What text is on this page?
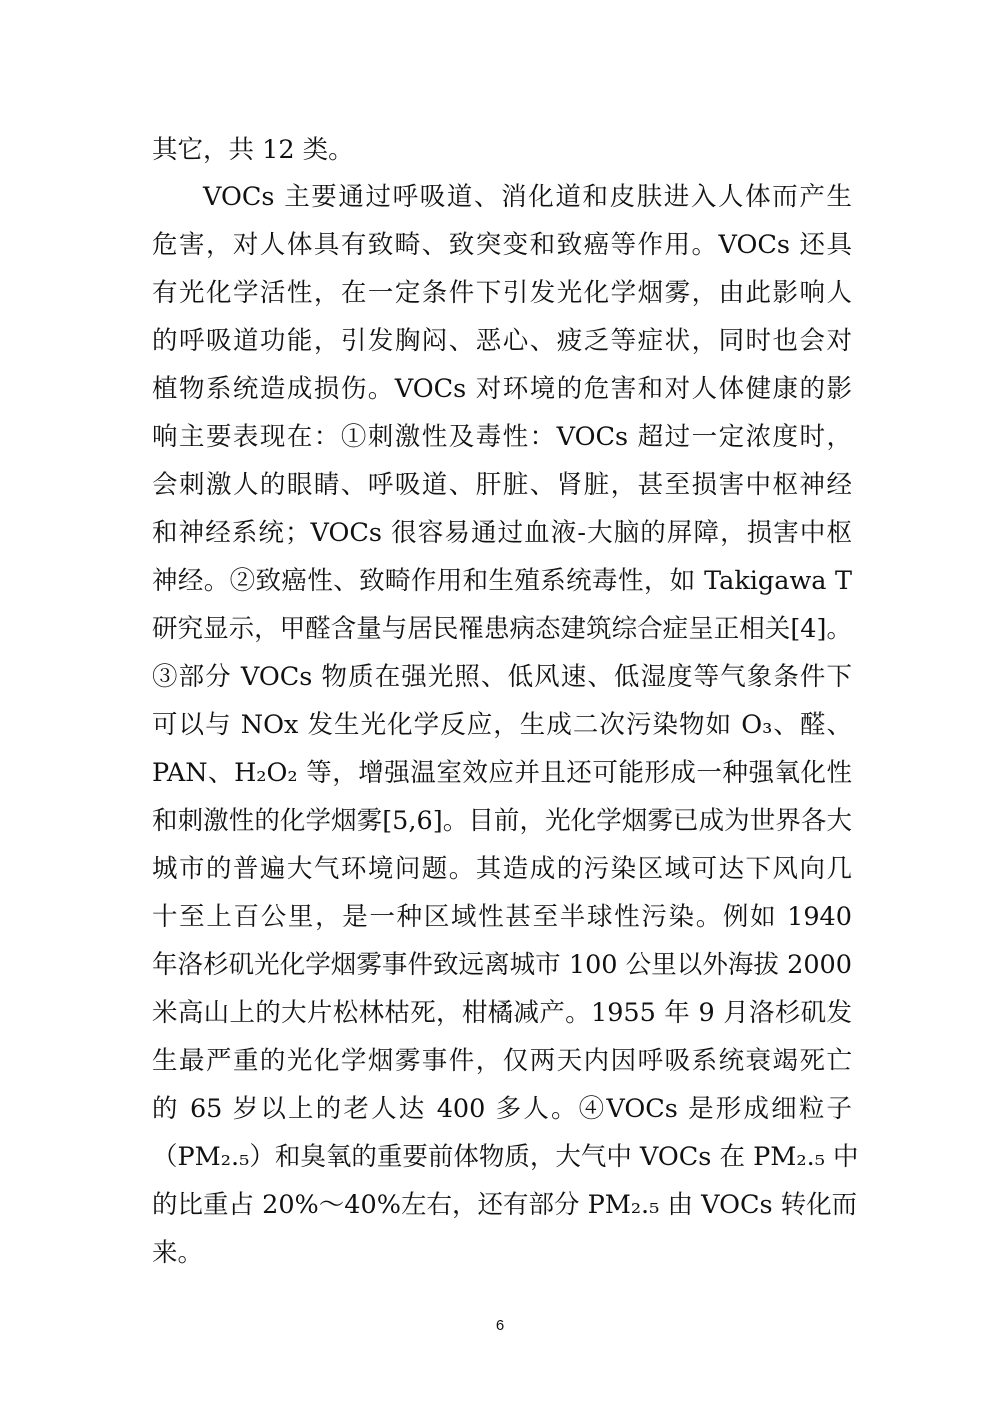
其它，共 12 类。
VOCs 主要通过呼吸道、消化道和皮肤进入人体而产生
危害，对人体具有致畸、致突变和致癌等作用。VOCs 还具
有光化学活性，在一定条件下引发光化学烟雾，由此影响人
的呼吸道功能，引发胸闷、恶心、疲乏等症状，同时也会对
植物系统造成损伤。VOCs 对环境的危害和对人体健康的影
响主要表现在：①刺激性及毒性：VOCs 超过一定浓度时，
会刺激人的眼睛、呼吸道、肝脏、肾脏，甚至损害中枢神经
和神经系统；VOCs 很容易通过血液-大脑的屏障，损害中枢
神经。②致癌性、致畸作用和生殖系统毒性，如 Takigawa T
研究显示，甲醛含量与居民罹患病态建筑综合症呈正相关[4]。
③部分 VOCs 物质在强光照、低风速、低湿度等气象条件下
可以与 NOx 发生光化学反应，生成二次污染物如 O₃、醛、
PAN、H₂O₂ 等，增强温室效应并且还可能形成一种强氧化性
和刺激性的化学烟雾[5,6]。目前，光化学烟雾已成为世界各大
城市的普遍大气环境问题。其造成的污染区域可达下风向几
十至上百公里，是一种区域性甚至半球性污染。例如 1940
年洛杉矶光化学烟雾事件致远离城市 100 公里以外海拔 2000
米高山上的大片松林枯死，柑橘减产。1955 年 9 月洛杉矶发
生最严重的光化学烟雾事件，仅两天内因呼吸系统衰竭死亡
的 65 岁以上的老人达 400 多人。④VOCs 是形成细粒子
（PM₂.₅）和臭氧的重要前体物质，大气中 VOCs 在 PM₂.₅ 中
的比重占 20%～40%左右，还有部分 PM₂.₅ 由 VOCs 转化而
来。
6
